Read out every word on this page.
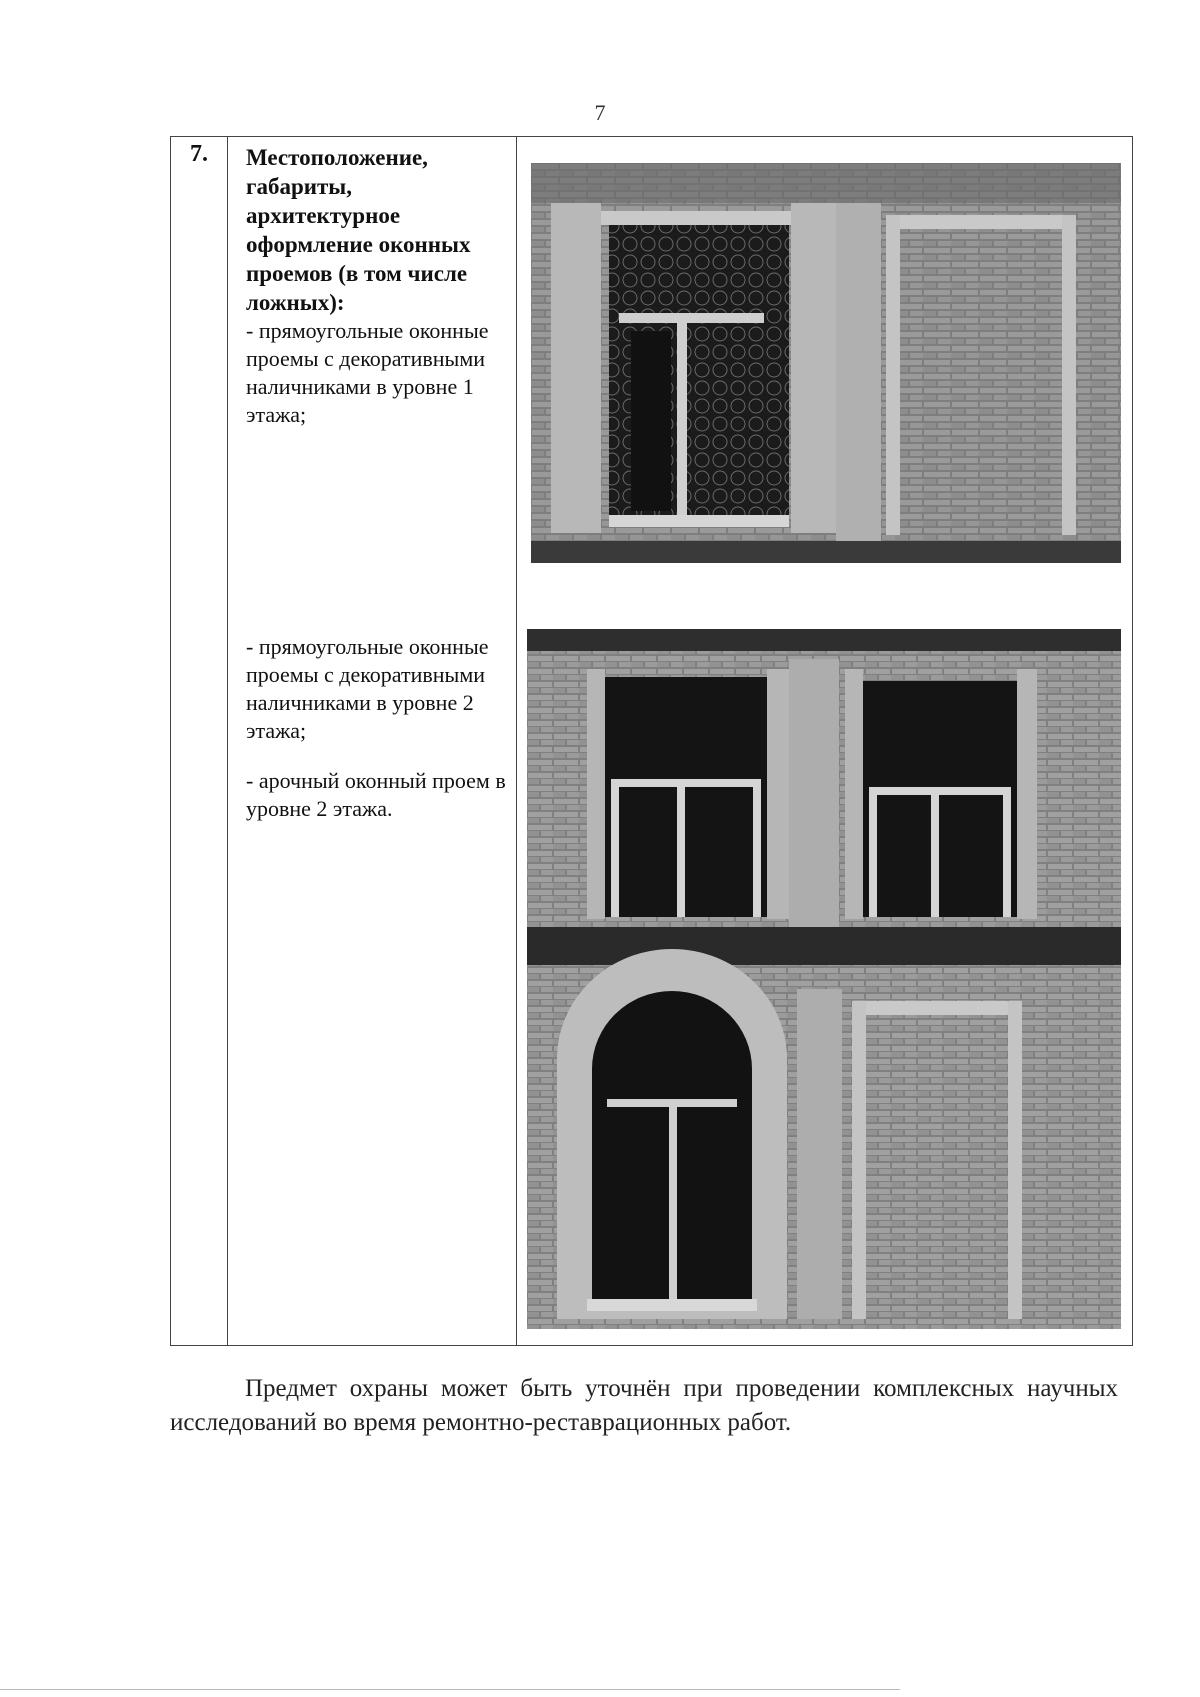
7
7.	Местоположение, габариты, архитектурное оформление оконных проемов (в том числе ложных):
- прямоугольные оконные проемы с декоративными наличниками в уровне 1 этажа;
- прямоугольные оконные проемы с декоративными наличниками в уровне 2 этажа;
- арочный оконный проем в уровне 2 этажа.
Предмет охраны может быть уточнён при проведении комплексных научных исследований во время ремонтно-реставрационных работ.
